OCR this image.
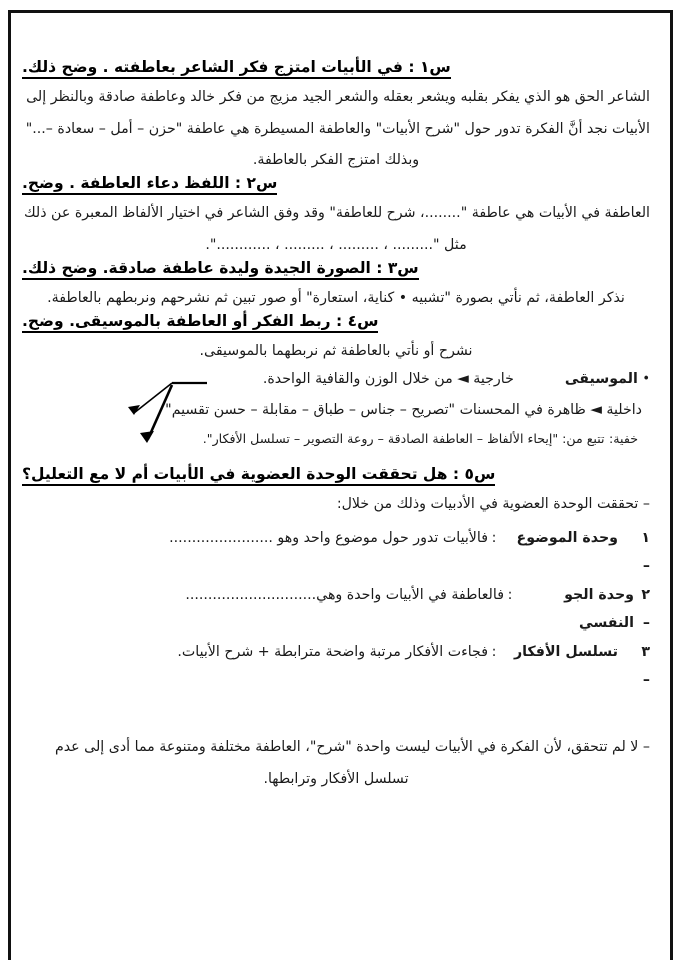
س١ : في الأبيات امتزج فكر الشاعر بعاطفته . وضح ذلك.
الشاعر الحق هو الذي يفكر بقلبه ويشعر بعقله والشعر الجيد مزيج من فكر خالد وعاطفة صادقة وبالنظر إلى
الأبيات نجد أنَّ الفكرة تدور حول "شرح الأبيات" والعاطفة المسيطرة هي عاطفة "حزن – أمل – سعادة –..."
وبذلك امتزج الفكر بالعاطفة.
س٢ : اللفظ دعاء العاطفة . وضح.
العاطفة في الأبيات هي عاطفة "........، شرح للعاطفة" وقد وفق الشاعر في اختيار الألفاظ المعبرة عن ذلك
مثل "......... ، ......... ، ......... ، ............".
س٣ : الصورة الجيدة وليدة عاطفة صادقة. وضح ذلك.
نذكر العاطفة، ثم نأتي بصورة "تشبيه • كناية، استعارة" أو صور تبين ثم نشرحهم ونربطهم بالعاطفة.
س٤ : ربط الفكر أو العاطفة بالموسيقى. وضح.
نشرح أو نأتي بالعاطفة ثم نربطهما بالموسيقى.
• الموسيقى  خارجية ◄ من خلال الوزن والقافية الواحدة.
داخلية ◄ ظاهرة في المحسنات "تصريح – جناس – طباق – مقابلة – حسن تقسيم"
خفية: تتبع من: "إيحاء الألفاظ – العاطفة الصادقة – روعة التصوير – تسلسل الأفكار".
س٥ : هل تحققت الوحدة العضوية في الأبيات أم لا مع التعليل؟
– تحققت الوحدة العضوية في الأدبيات وذلك من خلال:
١ –
وحدة الموضوع
:
فالأبيات تدور حول موضوع واحد وهو .......................
٢ –
وحدة الجو النفسي
:
فالعاطفة في الأبيات واحدة وهي.............................
٣ –
تسلسل الأفكار
:
فجاءت الأفكار مرتبة واضحة مترابطة + شرح الأبيات.
– لا لم تتحقق، لأن الفكرة في الأبيات ليست واحدة "شرح"، العاطفة مختلفة ومتنوعة مما أدى إلى عدم
تسلسل الأفكار وترابطها.
